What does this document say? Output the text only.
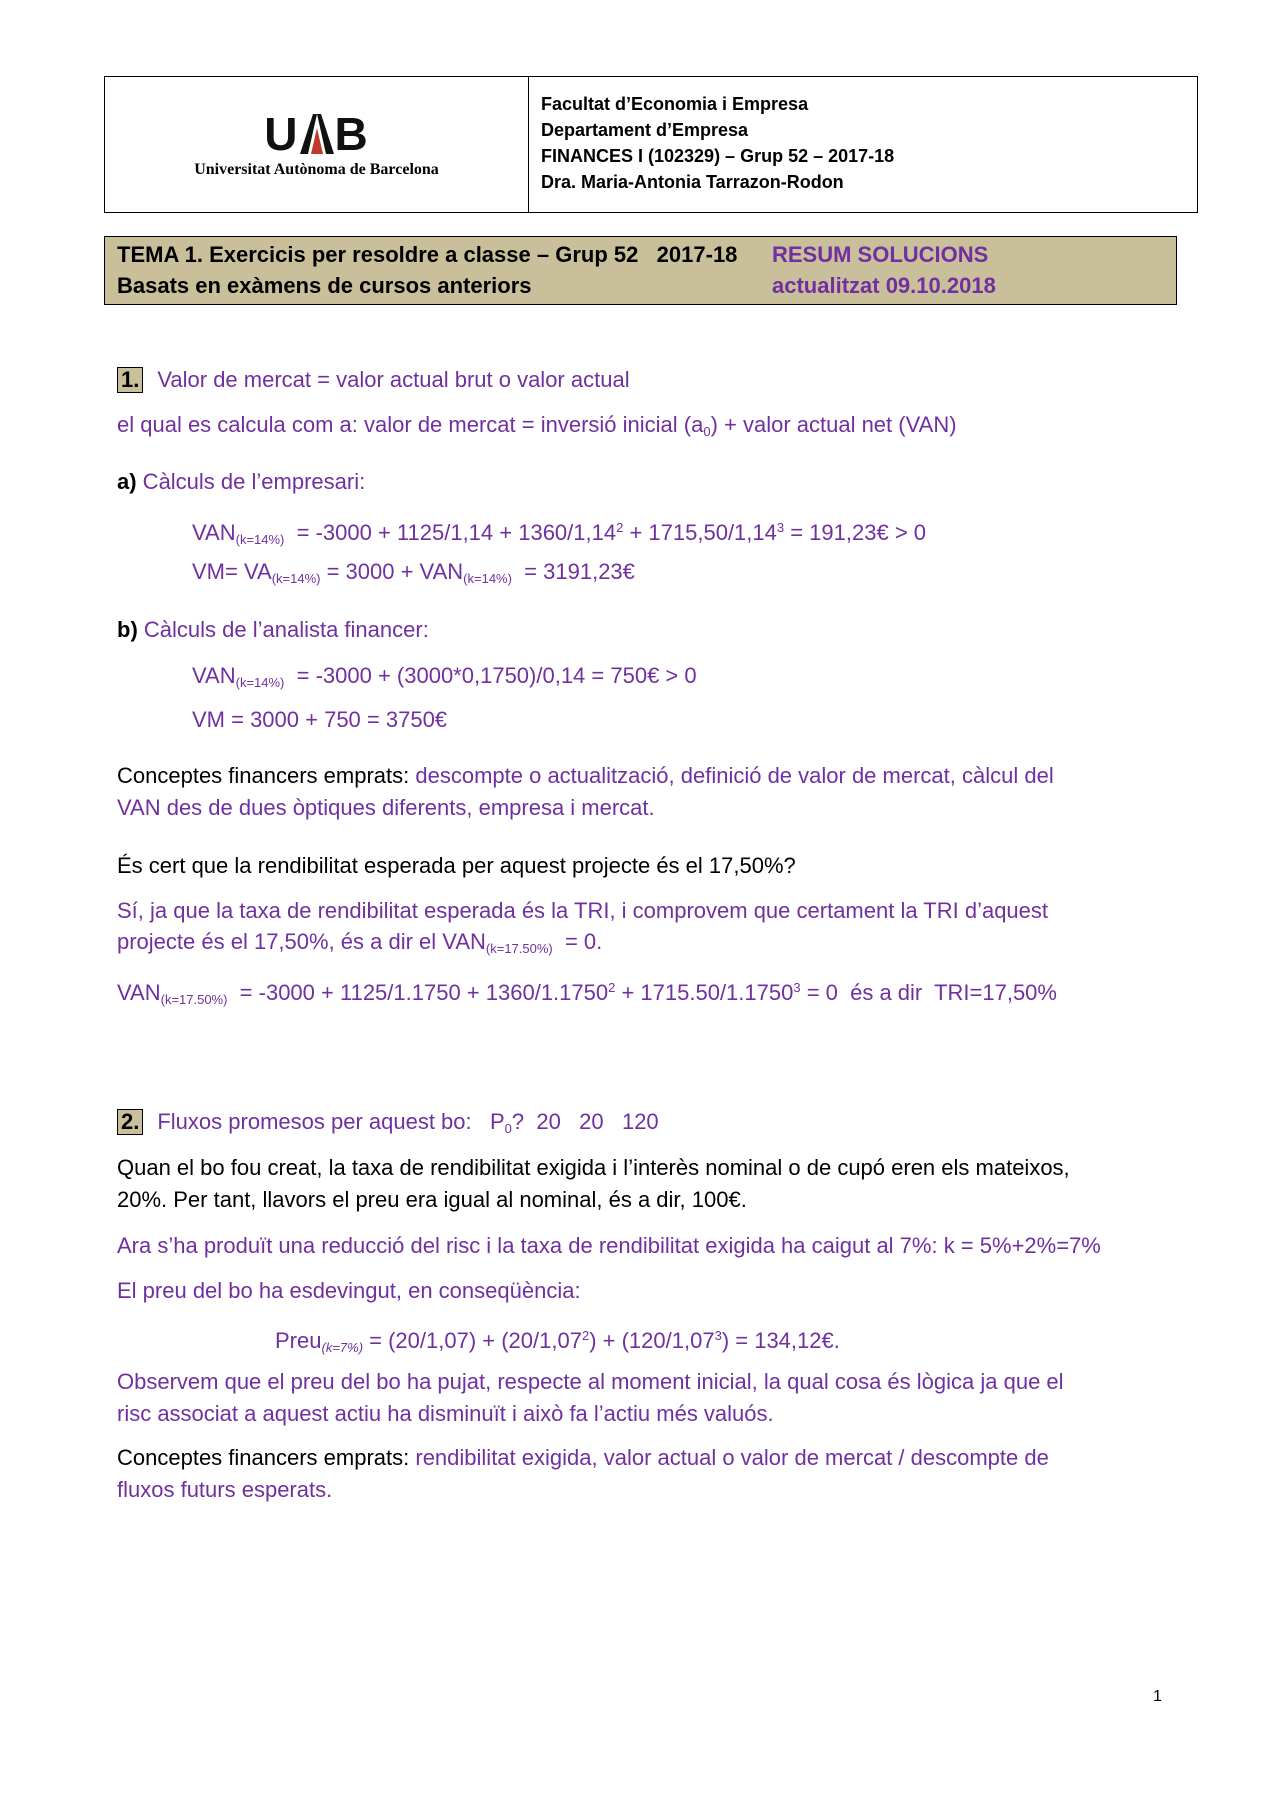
U B
Universitat Autònoma de Barcelona
Facultat d’Economia i Empresa
Departament d’Empresa
FINANCES I (102329) – Grup 52 – 2017-18
Dra. Maria-Antonia Tarrazon-Rodon
TEMA 1. Exercicis per resoldre a classe – Grup 52   2017-18
Basats en exàmens de cursos anteriors
RESUM SOLUCIONS
actualitzat 09.10.2018
1. Valor de mercat = valor actual brut o valor actual
el qual es calcula com a: valor de mercat = inversió inicial $(a_0)$ + valor actual net (VAN)
a) Càlculs de l’empresari:
$VAN_{(k=14\%)} = -3000 + 1125/1,14 + 1360/1,14^2 + 1715,50/1,14^3$ = 191,23€ > 0
$VM= VA_{(k=14\%)} = 3000 + VAN_{(k=14\%)}$  = 3191,23€
b) Càlculs de l’analista financer:
$VAN_{(k=14\%)} = -3000 + (3000*0,1750)/0,14$ = 750€ > 0
VM = 3000 + 750 = 3750€
Conceptes financers emprats: descompte o actualització, definició de valor de mercat, càlcul del
VAN des de dues òptiques diferents, empresa i mercat.
És cert que la rendibilitat esperada per aquest projecte és el 17,50%?
Sí, ja que la taxa de rendibilitat esperada és la TRI, i comprovem que certament la TRI d’aquest
projecte és el 17,50%, és a dir el $VAN_{(k=17.50\%)} = 0$.
$VAN_{(k=17.50\%)} = -3000 + 1125/1.1750 + 1360/1.1750^2 + 1715.50/1.1750^3 = 0$  és a dir  TRI=17,50%
2. Fluxos promesos per aquest bo:   $P_0$?  20   20   120
Quan el bo fou creat, la taxa de rendibilitat exigida i l’interès nominal o de cupó eren els mateixos,
20%. Per tant, llavors el preu era igual al nominal, és a dir, 100€.
Ara s’ha produït una reducció del risc i la taxa de rendibilitat exigida ha caigut al 7%: k = 5%+2%=7%
El preu del bo ha esdevingut, en conseqüència:
Preu$_{(k=7\%)}$ = $(20/1,07) + (20/1,07^2) + (120/1,07^3)$ = 134,12€.
Observem que el preu del bo ha pujat, respecte al moment inicial, la qual cosa és lògica ja que el
risc associat a aquest actiu ha disminuït i això fa l’actiu més valuós.
Conceptes financers emprats: rendibilitat exigida, valor actual o valor de mercat / descompte de
fluxos futurs esperats.
1
